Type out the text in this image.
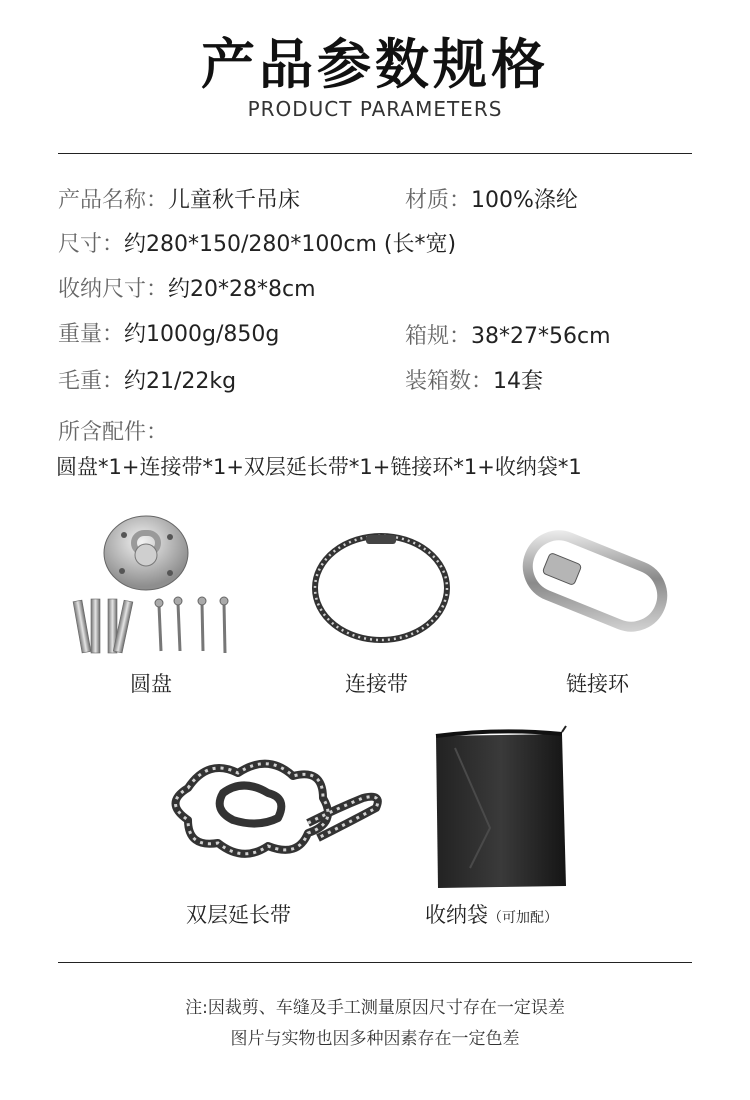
产品参数规格
PRODUCT PARAMETERS
产品名称：儿童秋千吊床	材质：100%涤纶
尺寸：约280*150/280*100cm (长*宽)
收纳尺寸：约20*28*8cm
重量：约1000g/850g	箱规：38*27*56cm
毛重：约21/22kg	装箱数：14套
所含配件：
圆盘*1+连接带*1+双层延长带*1+链接环*1+收纳袋*1
圆盘	连接带	链接环
双层延长带	收纳袋（可加配）
注:因裁剪、车缝及手工测量原因尺寸存在一定误差
图片与实物也因多种因素存在一定色差
